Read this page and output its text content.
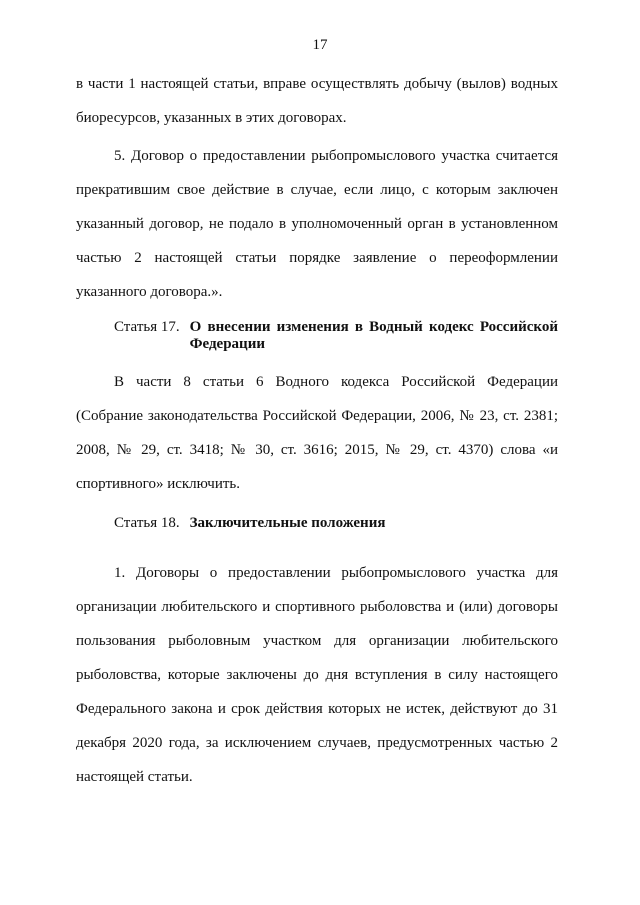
17

в части 1 настоящей статьи, вправе осуществлять добычу (вылов) водных биоресурсов, указанных в этих договорах.

5. Договор о предоставлении рыбопромыслового участка считается прекратившим свое действие в случае, если лицо, с которым заключен указанный договор, не подало в уполномоченный орган в установленном частью 2 настоящей статьи порядке заявление о переоформлении указанного договора.».

Статья 17. О внесении изменения в Водный кодекс Российской Федерации

В части 8 статьи 6 Водного кодекса Российской Федерации (Собрание законодательства Российской Федерации, 2006, № 23, ст. 2381; 2008, № 29, ст. 3418; № 30, ст. 3616; 2015, № 29, ст. 4370) слова «и спортивного» исключить.

Статья 18. Заключительные положения

1. Договоры о предоставлении рыбопромыслового участка для организации любительского и спортивного рыболовства и (или) договоры пользования рыболовным участком для организации любительского рыболовства, которые заключены до дня вступления в силу настоящего Федерального закона и срок действия которых не истек, действуют до 31 декабря 2020 года, за исключением случаев, предусмотренных частью 2 настоящей статьи.
